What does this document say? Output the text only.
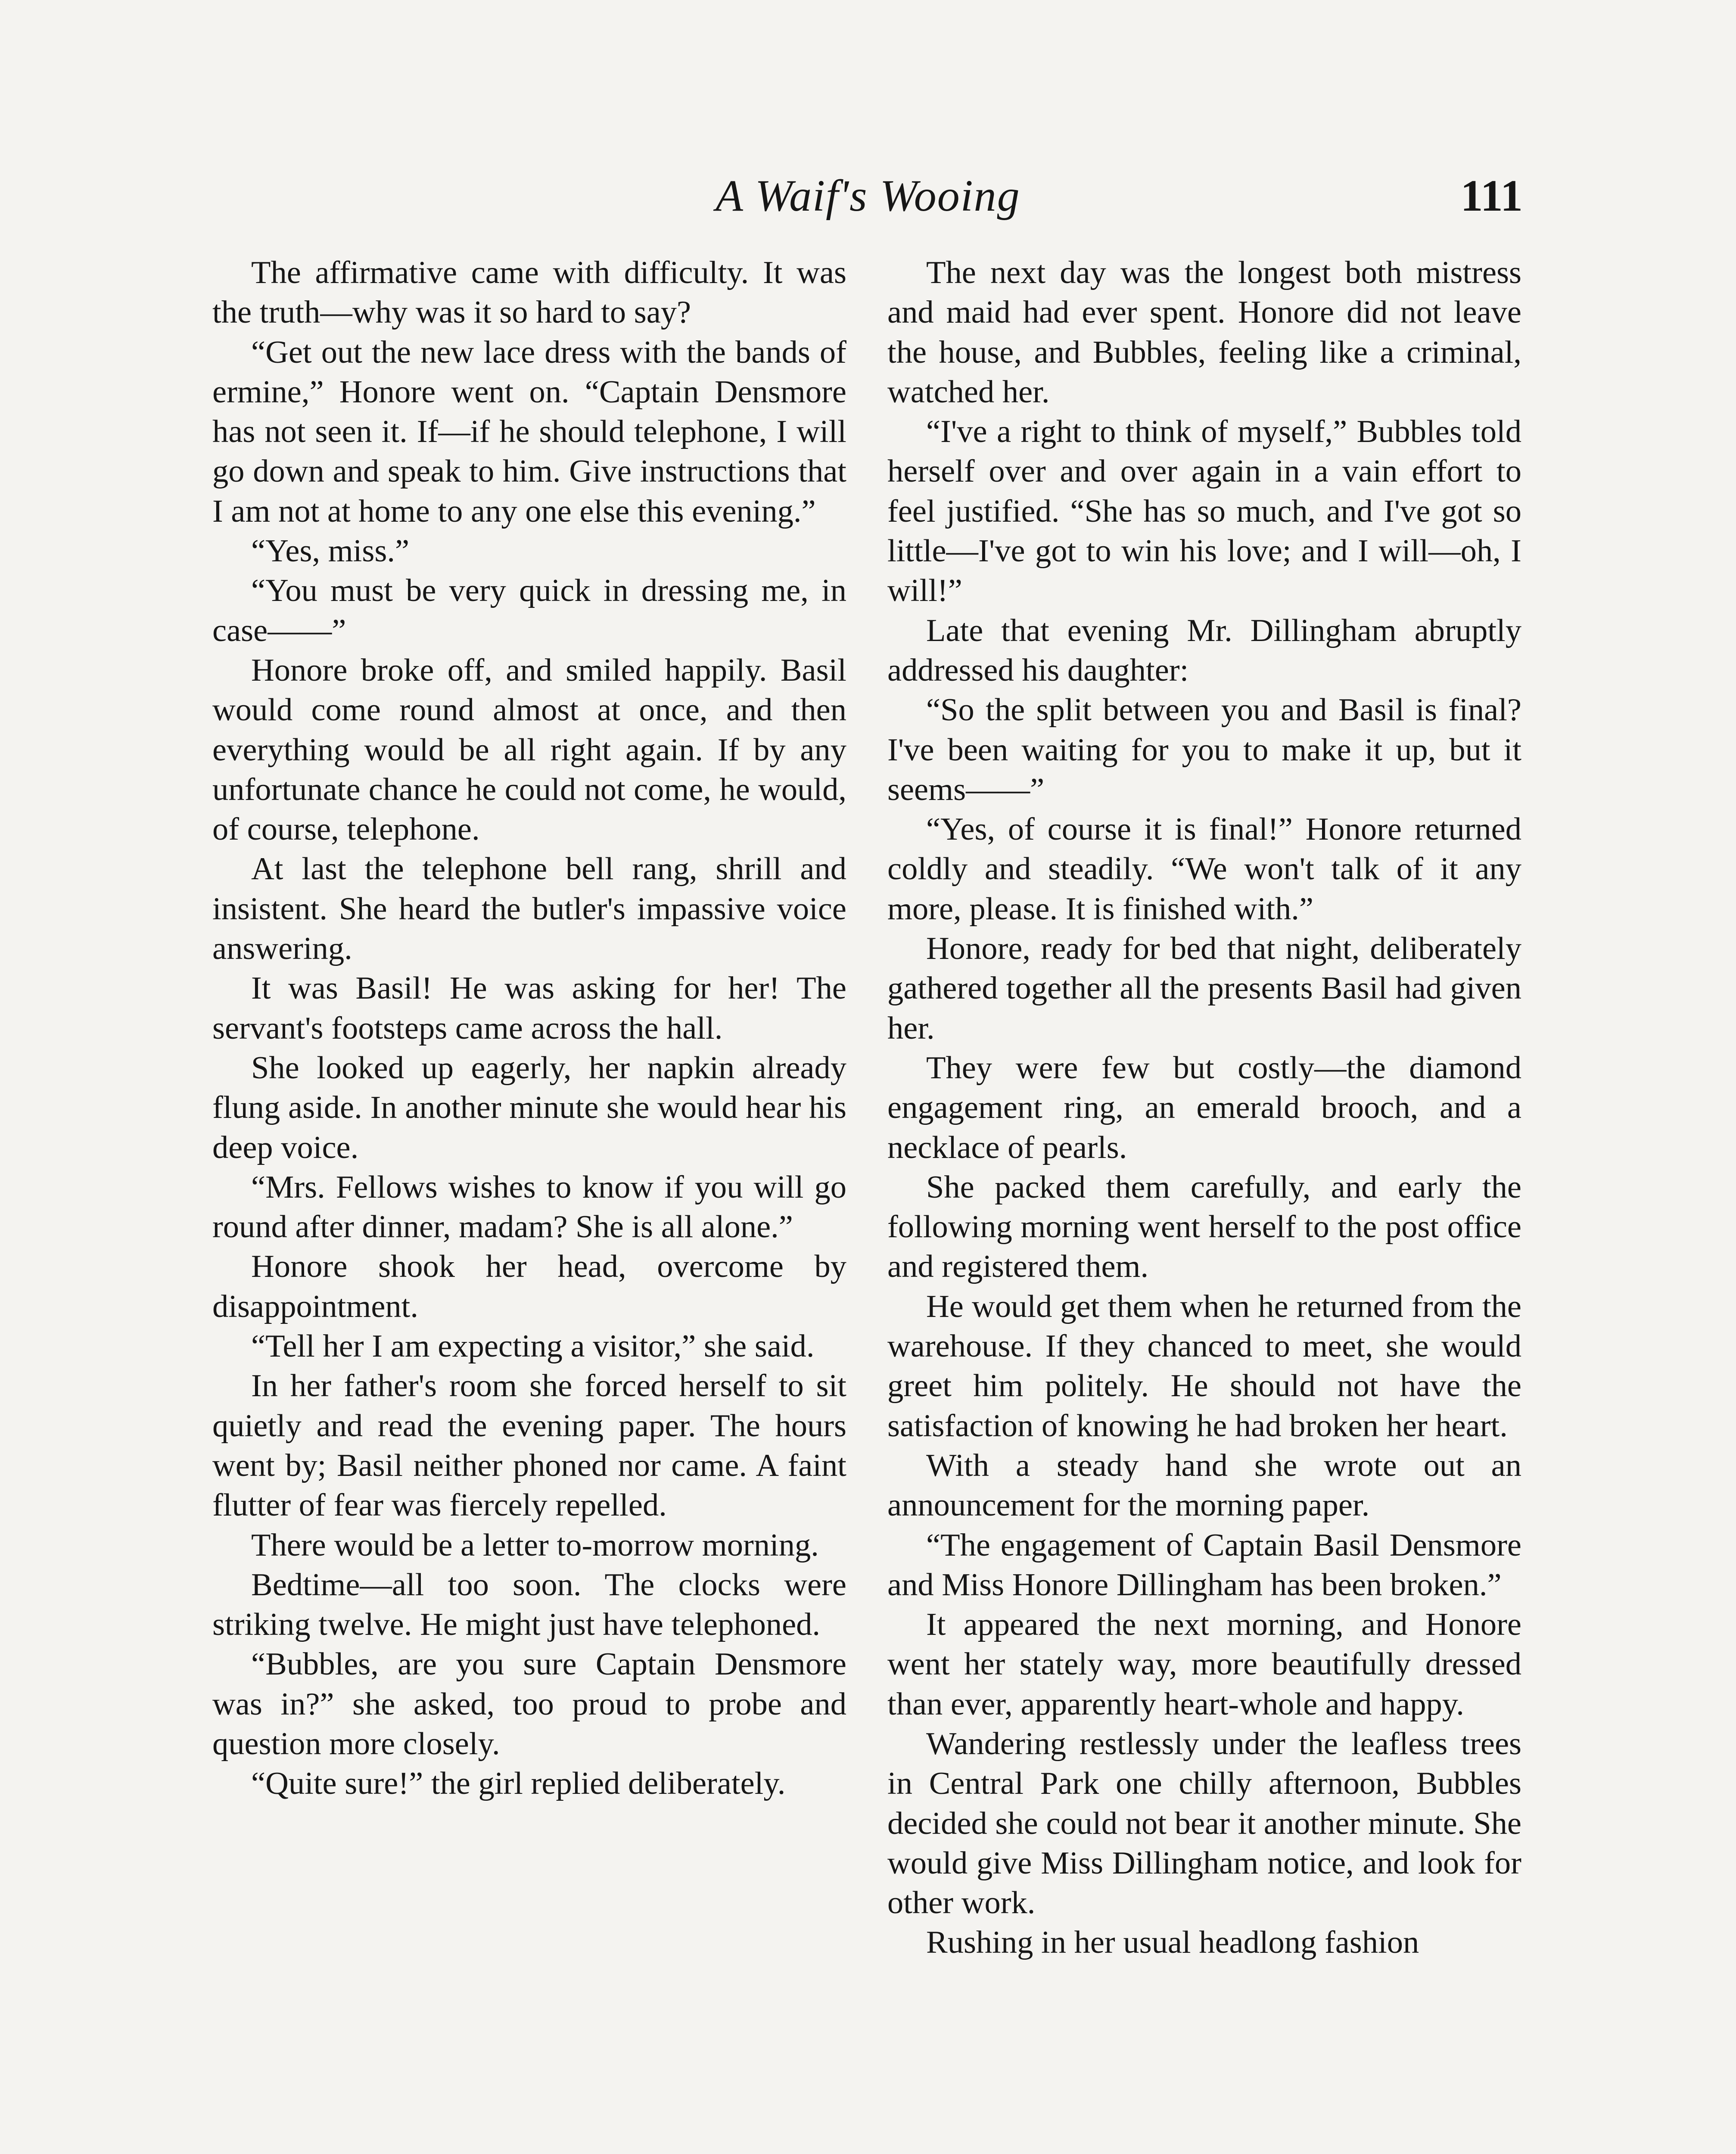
A Waif's Wooing	111

The affirmative came with difficulty. It was the truth—why was it so hard to say?

“Get out the new lace dress with the bands of ermine,” Honore went on. “Captain Densmore has not seen it. If—if he should telephone, I will go down and speak to him. Give instructions that I am not at home to any one else this evening.”

“Yes, miss.”

“You must be very quick in dressing me, in case——”

Honore broke off, and smiled happily. Basil would come round almost at once, and then everything would be all right again. If by any unfortunate chance he could not come, he would, of course, telephone.

At last the telephone bell rang, shrill and insistent. She heard the butler's impassive voice answering.

It was Basil! He was asking for her! The servant's footsteps came across the hall.

She looked up eagerly, her napkin already flung aside. In another minute she would hear his deep voice.

“Mrs. Fellows wishes to know if you will go round after dinner, madam? She is all alone.”

Honore shook her head, overcome by disappointment.

“Tell her I am expecting a visitor,” she said.

In her father's room she forced herself to sit quietly and read the evening paper. The hours went by; Basil neither phoned nor came. A faint flutter of fear was fiercely repelled.

There would be a letter to-morrow morning.

Bedtime—all too soon. The clocks were striking twelve. He might just have telephoned.

“Bubbles, are you sure Captain Densmore was in?” she asked, too proud to probe and question more closely.

“Quite sure!” the girl replied deliberately.

The next day was the longest both mistress and maid had ever spent. Honore did not leave the house, and Bubbles, feeling like a criminal, watched her.

“I've a right to think of myself,” Bubbles told herself over and over again in a vain effort to feel justified. “She has so much, and I've got so little—I've got to win his love; and I will—oh, I will!”

Late that evening Mr. Dillingham abruptly addressed his daughter:

“So the split between you and Basil is final? I've been waiting for you to make it up, but it seems——”

“Yes, of course it is final!” Honore returned coldly and steadily. “We won't talk of it any more, please. It is finished with.”

Honore, ready for bed that night, deliberately gathered together all the presents Basil had given her.

They were few but costly—the diamond engagement ring, an emerald brooch, and a necklace of pearls.

She packed them carefully, and early the following morning went herself to the post office and registered them.

He would get them when he returned from the warehouse. If they chanced to meet, she would greet him politely. He should not have the satisfaction of knowing he had broken her heart.

With a steady hand she wrote out an announcement for the morning paper.

“The engagement of Captain Basil Densmore and Miss Honore Dillingham has been broken.”

It appeared the next morning, and Honore went her stately way, more beautifully dressed than ever, apparently heart-whole and happy.

Wandering restlessly under the leafless trees in Central Park one chilly afternoon, Bubbles decided she could not bear it another minute. She would give Miss Dillingham notice, and look for other work.

Rushing in her usual headlong fashion
